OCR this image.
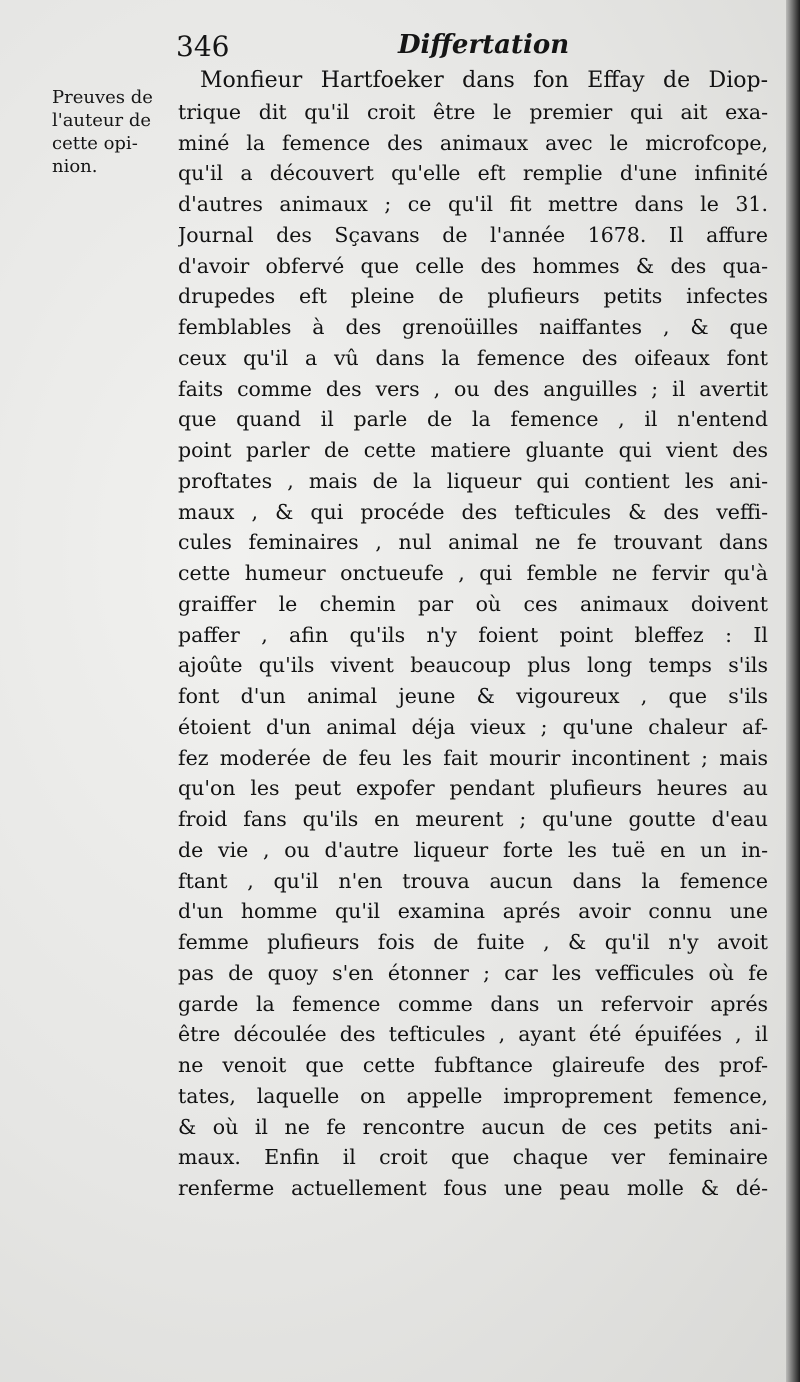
346	Differtation
Preuves de
l'auteur de
cette opi-
nion.
Monfieur Hartfoeker dans fon Effay de Diop-
trique dit qu'il croit être le premier qui ait exa-
miné la femence des animaux avec le microfcope,
qu'il a découvert qu'elle eft remplie d'une infinité
d'autres animaux ; ce qu'il fit mettre dans le 31.
Journal des Sçavans de l'année 1678. Il affure
d'avoir obfervé que celle des hommes & des qua-
drupedes eft pleine de plufieurs petits infectes
femblables à des grenoüilles naiffantes , & que
ceux qu'il a vû dans la femence des oifeaux font
faits comme des vers , ou des anguilles ; il avertit
que quand il parle de la femence , il n'entend
point parler de cette matiere gluante qui vient des
proftates , mais de la liqueur qui contient les ani-
maux , & qui procéde des tefticules & des veffi-
cules feminaires , nul animal ne fe trouvant dans
cette humeur onctueufe , qui femble ne fervir qu'à
graiffer le chemin par où ces animaux doivent
paffer , afin qu'ils n'y foient point bleffez : Il
ajoûte qu'ils vivent beaucoup plus long temps s'ils
font d'un animal jeune & vigoureux , que s'ils
étoient d'un animal déja vieux ; qu'une chaleur af-
fez moderée de feu les fait mourir incontinent ; mais
qu'on les peut expofer pendant plufieurs heures au
froid fans qu'ils en meurent ; qu'une goutte d'eau
de vie , ou d'autre liqueur forte les tuë en un in-
ftant , qu'il n'en trouva aucun dans la femence
d'un homme qu'il examina aprés avoir connu une
femme plufieurs fois de fuite , & qu'il n'y avoit
pas de quoy s'en étonner ; car les vefficules où fe
garde la femence comme dans un refervoir aprés
être découlée des tefticules , ayant été épuifées , il
ne venoit que cette fubftance glaireufe des prof-
tates, laquelle on appelle improprement femence,
& où il ne fe rencontre aucun de ces petits ani-
maux. Enfin il croit que chaque ver feminaire
renferme actuellement fous une peau molle & dé-
